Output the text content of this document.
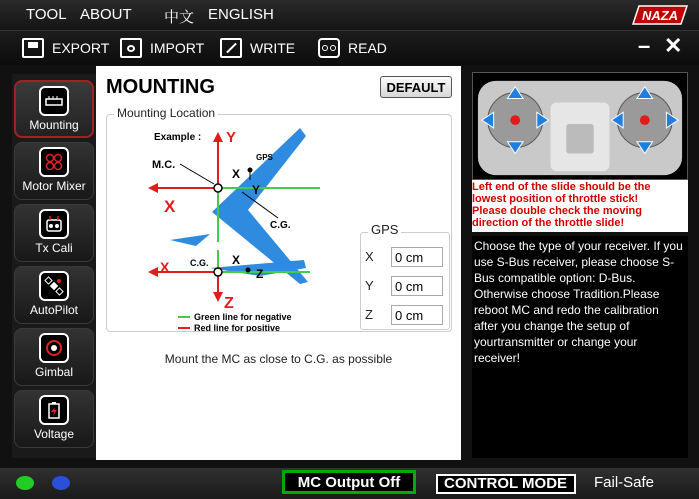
TOOL ABOUT 中文 ENGLISH	NAZA
EXPORT	IMPORT	WRITE	READ	– ✕
Mounting
Motor Mixer
Tx Cali
AutoPilot
Gimbal
Voltage
MOUNTING	DEFAULT
Mounting Location
Example : Y
M.C.
X
GPS
Y
X
C.G.
C.G. X
Z
Z
X
Green line for negative
Red line for positive
X
0 cm
Y
0 cm
Z
0 cm
GPS
Mount the MC as close to C.G. as possible
Left end of the slide should be the
lowest position of throttle stick!
Please double check the moving
direction of the throttle slide!
Choose the type of your receiver. If you use S-Bus receiver, please choose S-Bus compatible option: D-Bus. Otherwise choose Tradition.Please reboot MC and redo the calibration after you change the setup of yourtransmitter or change your receiver!
MC Output Off	CONTROL MODE	Fail-Safe
